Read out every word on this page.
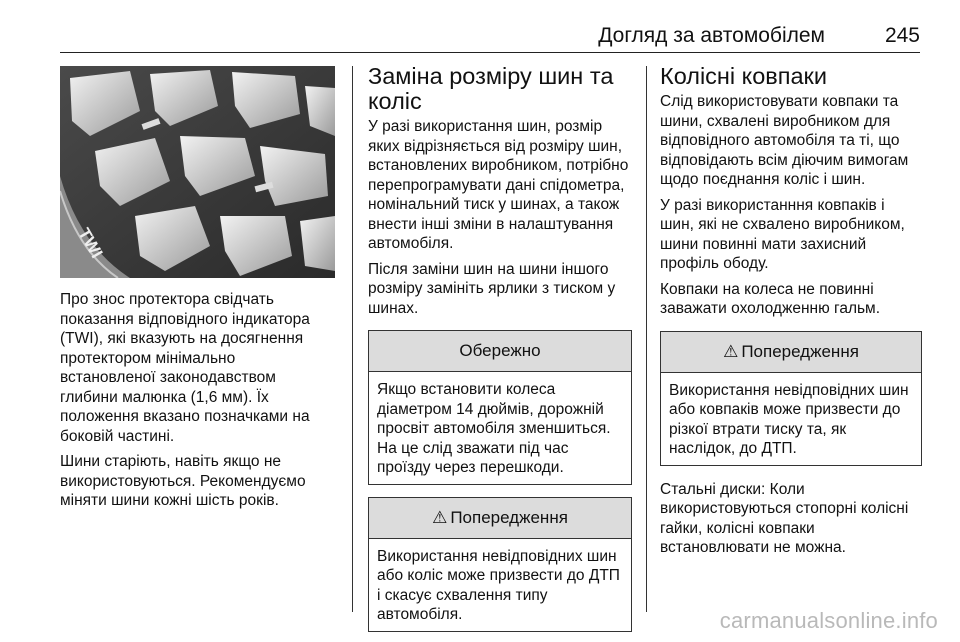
Догляд за автомобілем	245
TWI

Про знос протектора свідчать показання відповідного індикатора (TWI), які вказують на досягнення протектором мінімально встановленої законодавством глибини малюнка (1,6 мм). Їх положення вказано позначками на боковій частині.

Шини старіють, навіть якщо не використовуються. Рекомендуємо міняти шини кожні шість років.

Заміна розміру шин та коліс

У разі використання шин, розмір яких відрізняється від розміру шин, встановлених виробником, потрібно перепрограмувати дані спідометра, номінальний тиск у шинах, а також внести інші зміни в налаштування автомобіля.

Після заміни шин на шини іншого розміру замініть ярлики з тиском у шинах.

Обережно

Якщо встановити колеса діаметром 14 дюймів, дорожній просвіт автомобіля зменшиться. На це слід зважати під час проїзду через перешкоди.

⚠ Попередження

Використання невідповідних шин або коліс може призвести до ДТП і скасує схвалення типу автомобіля.

Колісні ковпаки

Слід використовувати ковпаки та шини, схвалені виробником для відповідного автомобіля та ті, що відповідають всім діючим вимогам щодо поєднання коліс і шин.

У разі використанння ковпаків і шин, які не схвалено виробником, шини повинні мати захисний профіль ободу.

Ковпаки на колеса не повинні заважати охолодженню гальм.

⚠ Попередження

Використання невідповідних шин або ковпаків може призвести до різкої втрати тиску та, як наслідок, до ДТП.

Стальні диски: Коли використовуються стопорні колісні гайки, колісні ковпаки встановлювати не можна.

carmanualsonline.info
